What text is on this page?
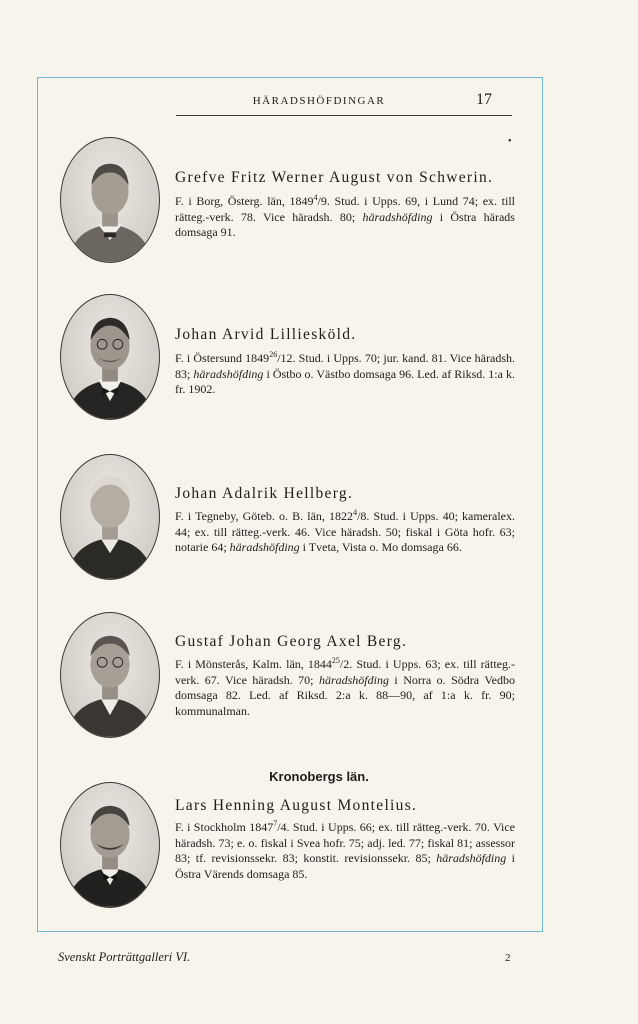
HÄRADSHÖFDINGAR	17
•
Grefve Fritz Werner August von Schwerin.
F. i Borg, Österg. län, 1849$^4$/9. Stud. i Upps. 69, i Lund 74; ex. till rätteg.-verk. 78. Vice häradsh. 80; häradshöfding i Östra härads domsaga 91.
Johan Arvid Lilliesköld.
F. i Östersund 1849$^{26}$/12. Stud. i Upps. 70; jur. kand. 81. Vice häradsh. 83; häradshöfding i Östbo o. Västbo domsaga 96. Led. af Riksd. 1:a k. fr. 1902.
Johan Adalrik Hellberg.
F. i Tegneby, Göteb. o. B. län, 1822$^4$/8. Stud. i Upps. 40; kameralex. 44; ex. till rätteg.-verk. 46. Vice häradsh. 50; fiskal i Göta hofr. 63; notarie 64; häradshöfding i Tveta, Vista o. Mo domsaga 66.
Gustaf Johan Georg Axel Berg.
F. i Mönsterås, Kalm. län, 1844$^{25}$/2. Stud. i Upps. 63; ex. till rätteg.-verk. 67. Vice häradsh. 70; häradshöfding i Norra o. Södra Vedbo domsaga 82. Led. af Riksd. 2:a k. 88—90, af 1:a k. fr. 90; kommunalman.
Kronobergs län.
Lars Henning August Montelius.
F. i Stockholm 1847$^7$/4. Stud. i Upps. 66; ex. till rätteg.-verk. 70. Vice häradsh. 73; e. o. fiskal i Svea hofr. 75; adj. led. 77; fiskal 81; assessor 83; tf. revisionssekr. 83; konstit. revisionssekr. 85; häradshöfding i Östra Värends domsaga 85.
Svenskt Porträttgalleri VI.	2
